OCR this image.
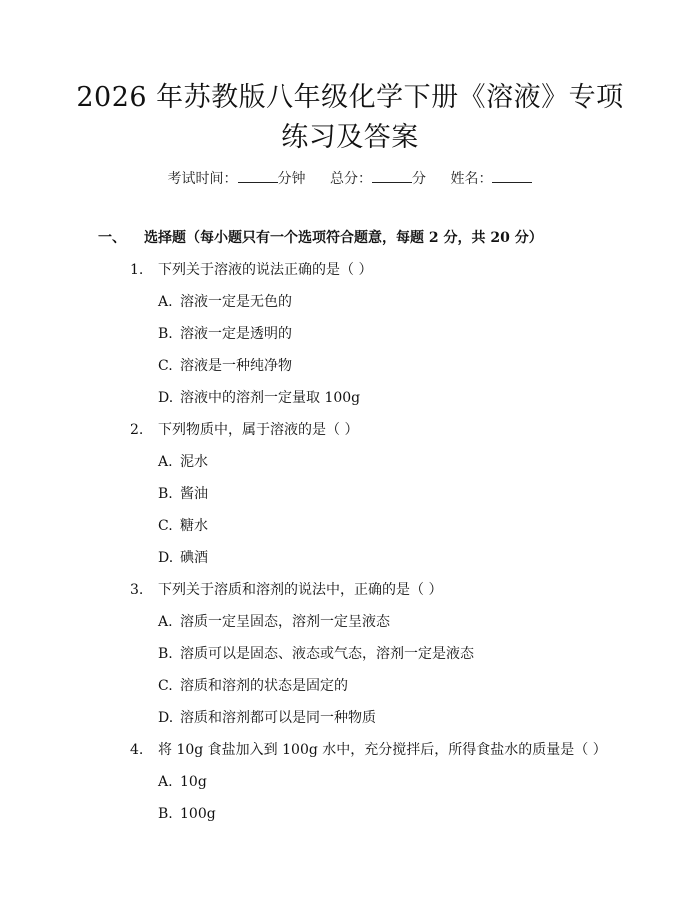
2026 年苏教版八年级化学下册《溶液》专项
练习及答案
考试时间：	分钟 总分：	分 姓名：
一、 选择题（每小题只有一个选项符合题意，每题 2 分，共 20 分）
1. 下列关于溶液的说法正确的是（ ）
A. 溶液一定是无色的
B. 溶液一定是透明的
C. 溶液是一种纯净物
D. 溶液中的溶剂一定量取 100g
2. 下列物质中，属于溶液的是（ ）
A. 泥水
B. 酱油
C. 糖水
D. 碘酒
3. 下列关于溶质和溶剂的说法中，正确的是（ ）
A. 溶质一定呈固态，溶剂一定呈液态
B. 溶质可以是固态、液态或气态，溶剂一定是液态
C. 溶质和溶剂的状态是固定的
D. 溶质和溶剂都可以是同一种物质
4. 将 10g 食盐加入到 100g 水中，充分搅拌后，所得食盐水的质量是（ ）
A. 10g
B. 100g
